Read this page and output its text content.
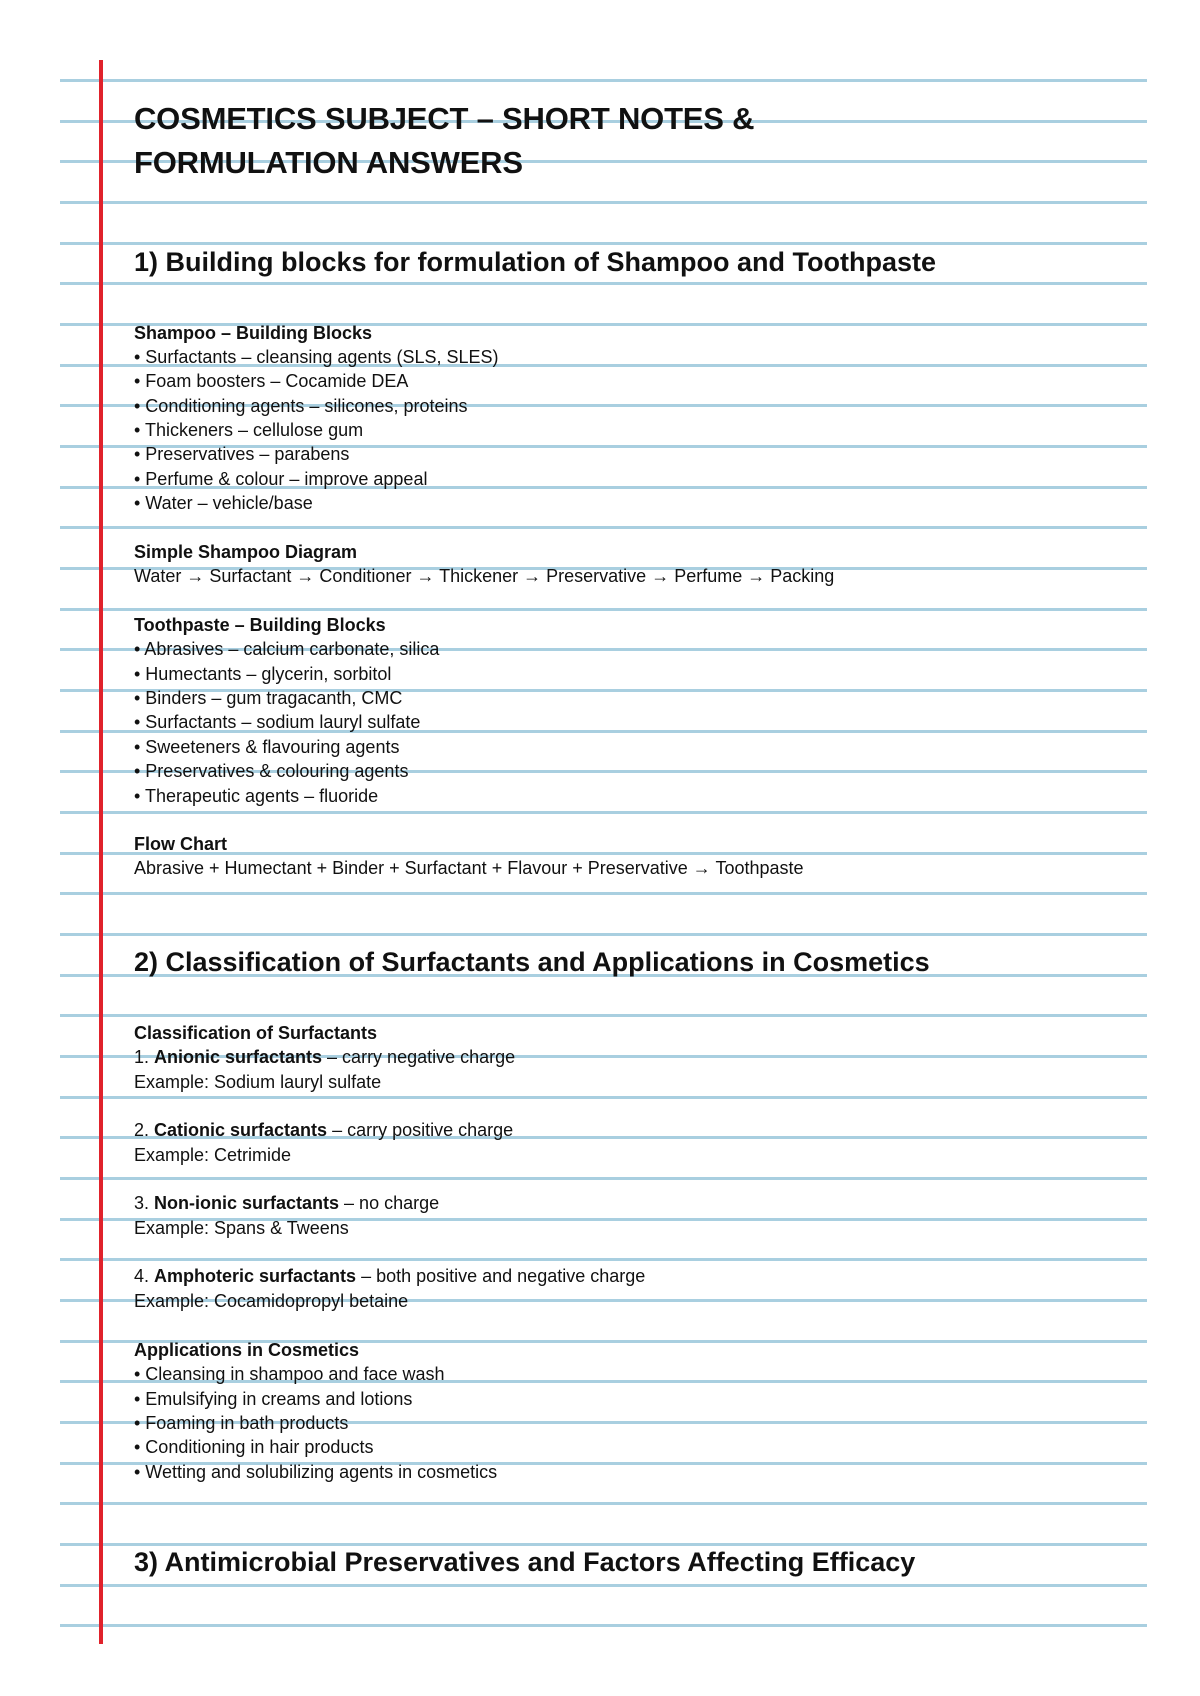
COSMETICS SUBJECT – SHORT NOTES &
FORMULATION ANSWERS
1) Building blocks for formulation of Shampoo and Toothpaste
Shampoo – Building Blocks
• Surfactants – cleansing agents (SLS, SLES)
• Foam boosters – Cocamide DEA
• Conditioning agents – silicones, proteins
• Thickeners – cellulose gum
• Preservatives – parabens
• Perfume & colour – improve appeal
• Water – vehicle/base
Simple Shampoo Diagram
Water → Surfactant → Conditioner → Thickener → Preservative → Perfume → Packing
Toothpaste – Building Blocks
• Abrasives – calcium carbonate, silica
• Humectants – glycerin, sorbitol
• Binders – gum tragacanth, CMC
• Surfactants – sodium lauryl sulfate
• Sweeteners & flavouring agents
• Preservatives & colouring agents
• Therapeutic agents – fluoride
Flow Chart
Abrasive + Humectant + Binder + Surfactant + Flavour + Preservative → Toothpaste
2) Classification of Surfactants and Applications in Cosmetics
Classification of Surfactants
1. Anionic surfactants – carry negative charge
Example: Sodium lauryl sulfate
2. Cationic surfactants – carry positive charge
Example: Cetrimide
3. Non-ionic surfactants – no charge
Example: Spans & Tweens
4. Amphoteric surfactants – both positive and negative charge
Example: Cocamidopropyl betaine
Applications in Cosmetics
• Cleansing in shampoo and face wash
• Emulsifying in creams and lotions
• Foaming in bath products
• Conditioning in hair products
• Wetting and solubilizing agents in cosmetics
3) Antimicrobial Preservatives and Factors Affecting Efficacy
